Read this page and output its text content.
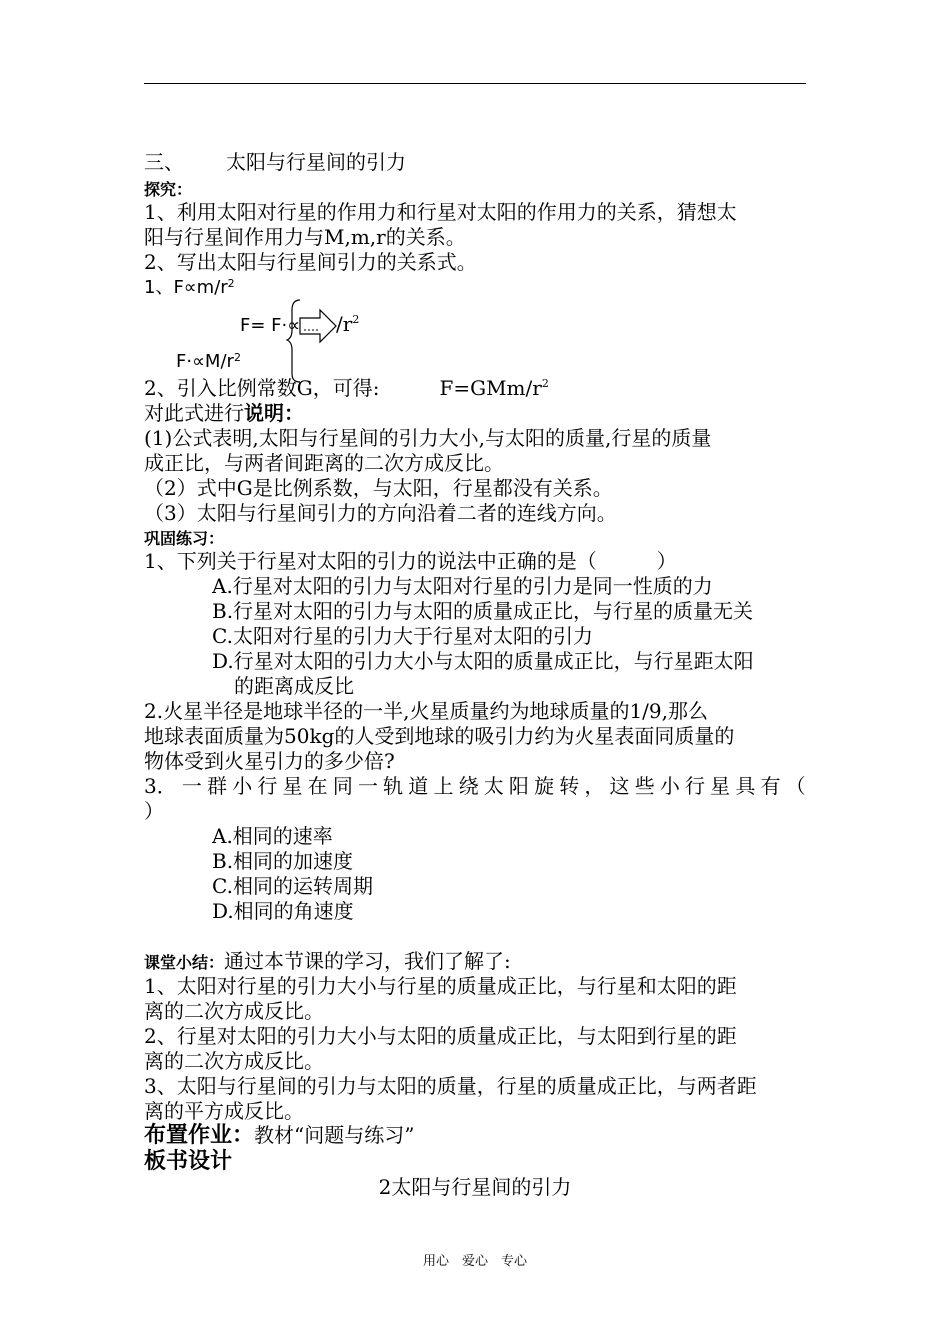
三、 太阳与行星间的引力
探究：
1、利用太阳对行星的作用力和行星对太阳的作用力的关系，猜想太
阳与行星间作用力与M,m,r的关系。
2、写出太阳与行星间引力的关系式。
1、$F\propto m/r^2$
$F= F\cdot\propto /r^2$
$F\cdot\propto M/r^2$
2、引入比例常数G，可得:	$F=GMm/r^2$
对此式进行说明：
(1)公式表明,太阳与行星间的引力大小,与太阳的质量,行星的质量
成正比，与两者间距离的二次方成反比。
（2）式中G是比例系数，与太阳，行星都没有关系。
（3）太阳与行星间引力的方向沿着二者的连线方向。
巩固练习：
1、下列关于行星对太阳的引力的说法中正确的是（　　　）
A.行星对太阳的引力与太阳对行星的引力是同一性质的力
B.行星对太阳的引力与太阳的质量成正比，与行星的质量无关
C.太阳对行星的引力大于行星对太阳的引力
D.行星对太阳的引力大小与太阳的质量成正比，与行星距太阳
的距离成反比
2.火星半径是地球半径的一半,火星质量约为地球质量的1/9,那么
地球表面质量为50kg的人受到地球的吸引力约为火星表面同质量的
物体受到火星引力的多少倍?
3． 一 群 小 行 星 在 同 一 轨 道 上 绕 太 阳 旋 转 ， 这 些 小 行 星 具 有 （
）
A.相同的速率
B.相同的加速度
C.相同的运转周期
D.相同的角速度
课堂小结：通过本节课的学习，我们了解了:
1、太阳对行星的引力大小与行星的质量成正比，与行星和太阳的距
离的二次方成反比。
2、行星对太阳的引力大小与太阳的质量成正比，与太阳到行星的距
离的二次方成反比。
3、太阳与行星间的引力与太阳的质量，行星的质量成正比，与两者距
离的平方成反比。
布置作业：教材“问题与练习”
板书设计
2太阳与行星间的引力
用心　爱心　专心
